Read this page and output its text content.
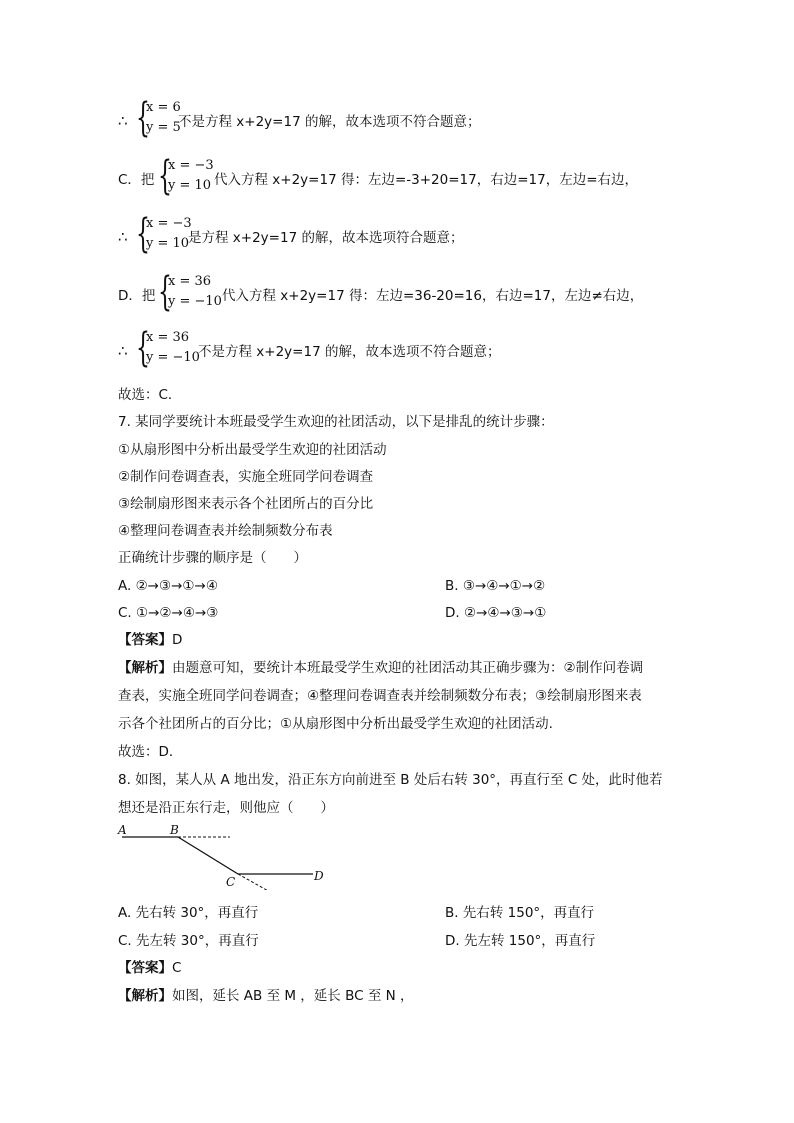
∴ {
x = 6
y = 5
不是方程 x+2y=17 的解，故本选项不符合题意；
C．把 {
x = −3
y = 10 代入方程 x+2y=17 得：左边=-3+20=17，右边=17，左边=右边，
∴ {
x = −3
y = 10
是方程 x+2y=17 的解，故本选项符合题意；
D．把 {
x = 36
y = −10 代入方程 x+2y=17 得：左边=36-20=16，右边=17，左边≠右边，
∴ {
x = 36
y = −10
不是方程 x+2y=17 的解，故本选项不符合题意；
故选：C．
7. 某同学要统计本班最受学生欢迎的社团活动，以下是排乱的统计步骤：
①从扇形图中分析出最受学生欢迎的社团活动
②制作问卷调查表，实施全班同学问卷调查
③绘制扇形图来表示各个社团所占的百分比
④整理问卷调查表并绘制频数分布表
正确统计步骤的顺序是（　　）
A. ②→③→①→④	B. ③→④→①→②
C. ①→②→④→③	D. ②→④→③→①
【答案】D
【解析】由题意可知，要统计本班最受学生欢迎的社团活动其正确步骤为：②制作问卷调
查表，实施全班同学问卷调查；④整理问卷调查表并绘制频数分布表；③绘制扇形图来表
示各个社团所占的百分比；①从扇形图中分析出最受学生欢迎的社团活动.
故选：D．
8. 如图，某人从 A 地出发，沿正东方向前进至 B 处后右转 30°，再直行至 C 处，此时他若
想还是沿正东行走，则他应（　　）
A	B
C	D
A. 先右转 30°，再直行	B. 先右转 150°，再直行
C. 先左转 30°，再直行	D. 先左转 150°，再直行
【答案】C
【解析】如图，延长 AB 至 M ，延长 BC 至 N ，
